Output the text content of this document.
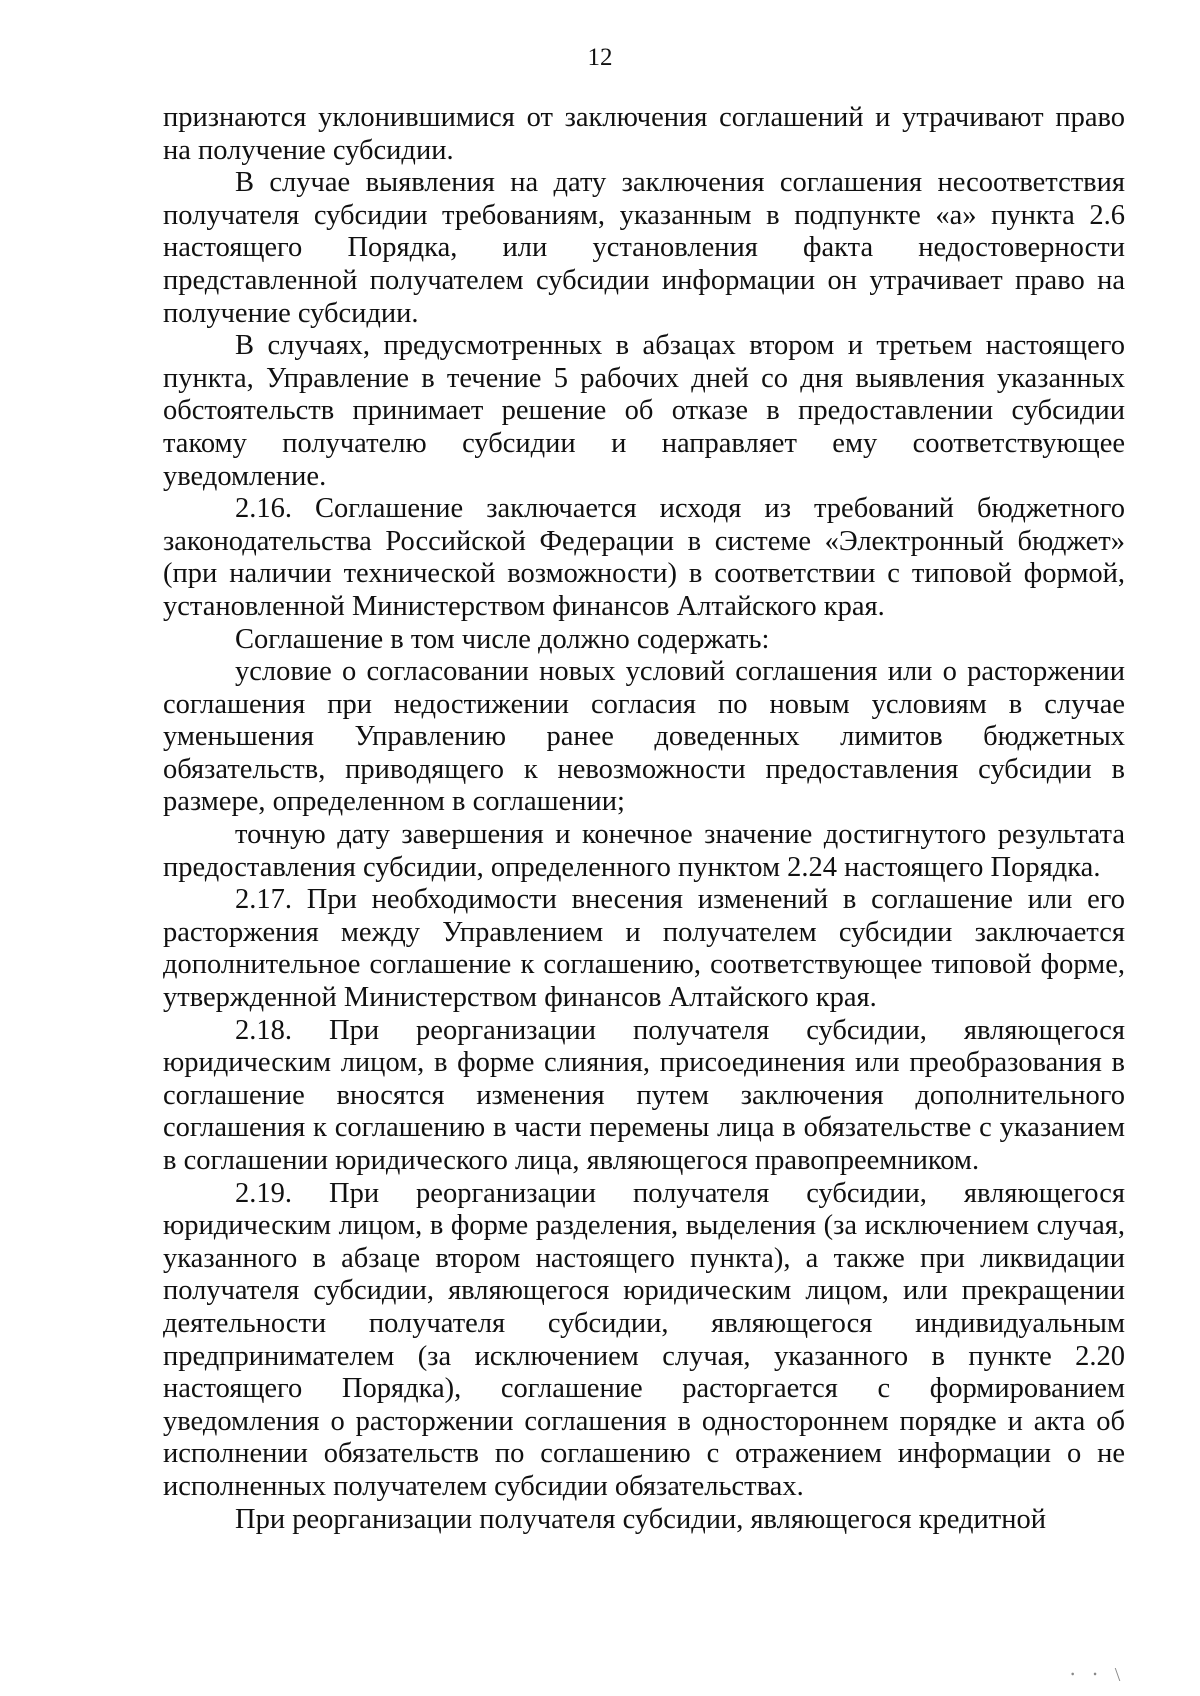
12

признаются уклонившимися от заключения соглашений и утрачивают право на получение субсидии.

В случае выявления на дату заключения соглашения несоответствия получателя субсидии требованиям, указанным в подпункте «а» пункта 2.6 настоящего Порядка, или установления факта недостоверности представленной получателем субсидии информации он утрачивает право на получение субсидии.

В случаях, предусмотренных в абзацах втором и третьем настоящего пункта, Управление в течение 5 рабочих дней со дня выявления указанных обстоятельств принимает решение об отказе в предоставлении субсидии такому получателю субсидии и направляет ему соответствующее уведомление.

2.16. Соглашение заключается исходя из требований бюджетного законодательства Российской Федерации в системе «Электронный бюджет» (при наличии технической возможности) в соответствии с типовой формой, установленной Министерством финансов Алтайского края.

Соглашение в том числе должно содержать:

условие о согласовании новых условий соглашения или о расторжении соглашения при недостижении согласия по новым условиям в случае уменьшения Управлению ранее доведенных лимитов бюджетных обязательств, приводящего к невозможности предоставления субсидии в размере, определенном в соглашении;

точную дату завершения и конечное значение достигнутого результата предоставления субсидии, определенного пунктом 2.24 настоящего Порядка.

2.17. При необходимости внесения изменений в соглашение или его расторжения между Управлением и получателем субсидии заключается дополнительное соглашение к соглашению, соответствующее типовой форме, утвержденной Министерством финансов Алтайского края.

2.18. При реорганизации получателя субсидии, являющегося юридическим лицом, в форме слияния, присоединения или преобразования в соглашение вносятся изменения путем заключения дополнительного соглашения к соглашению в части перемены лица в обязательстве с указанием в соглашении юридического лица, являющегося правопреемником.

2.19. При реорганизации получателя субсидии, являющегося юридическим лицом, в форме разделения, выделения (за исключением случая, указанного в абзаце втором настоящего пункта), а также при ликвидации получателя субсидии, являющегося юридическим лицом, или прекращении деятельности получателя субсидии, являющегося индивидуальным предпринимателем (за исключением случая, указанного в пункте 2.20 настоящего Порядка), соглашение расторгается с формированием уведомления о расторжении соглашения в одностороннем порядке и акта об исполнении обязательств по соглашению с отражением информации о не исполненных получателем субсидии обязательствах.

При реорганизации получателя субсидии, являющегося кредитной

⸱ ⸱ \
